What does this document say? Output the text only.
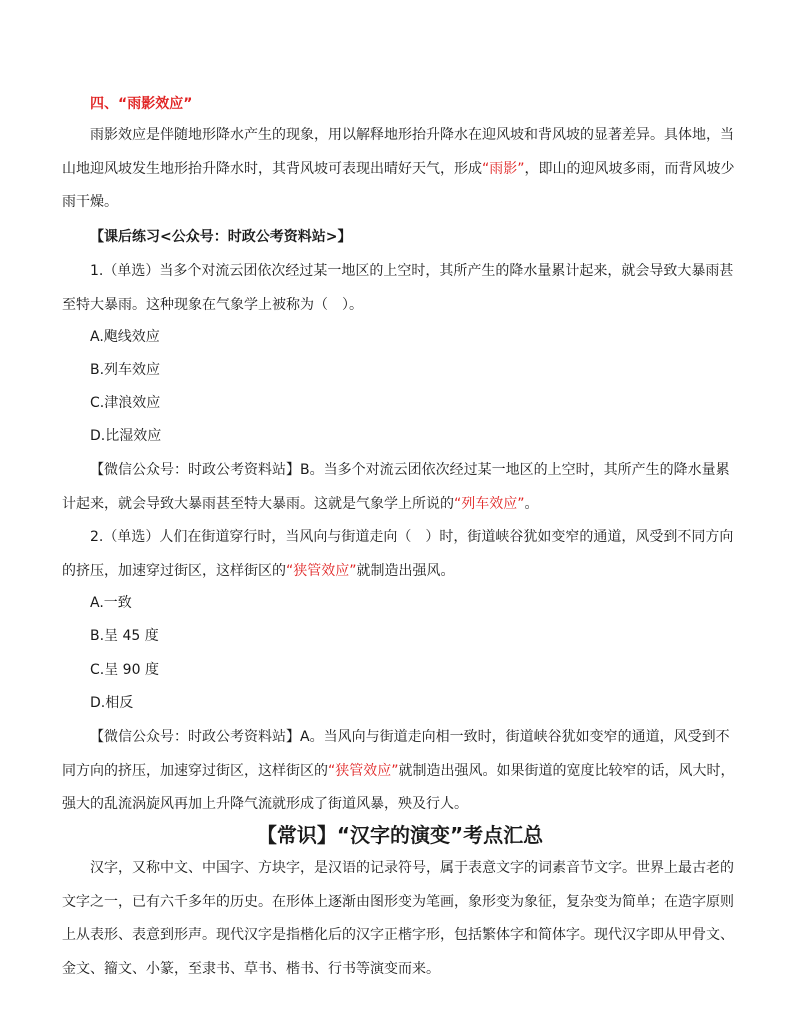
四、“雨影效应”
雨影效应是伴随地形降水产生的现象，用以解释地形抬升降水在迎风坡和背风坡的显著差异。具体地，当山地迎风坡发生地形抬升降水时，其背风坡可表现出晴好天气，形成“雨影”，即山的迎风坡多雨，而背风坡少雨干燥。
【课后练习<公众号：时政公考资料站>】
1.（单选）当多个对流云团依次经过某一地区的上空时，其所产生的降水量累计起来，就会导致大暴雨甚至特大暴雨。这种现象在气象学上被称为（　）。
A.飑线效应
B.列车效应
C.津浪效应
D.比湿效应
【微信公众号：时政公考资料站】B。当多个对流云团依次经过某一地区的上空时，其所产生的降水量累计起来，就会导致大暴雨甚至特大暴雨。这就是气象学上所说的“列车效应”。
2.（单选）人们在街道穿行时，当风向与街道走向（　）时，街道峡谷犹如变窄的通道，风受到不同方向的挤压，加速穿过街区，这样街区的“狭管效应”就制造出强风。
A.一致
B.呈 45 度
C.呈 90 度
D.相反
【微信公众号：时政公考资料站】A。当风向与街道走向相一致时，街道峡谷犹如变窄的通道，风受到不同方向的挤压，加速穿过街区，这样街区的“狭管效应”就制造出强风。如果街道的宽度比较窄的话，风大时，强大的乱流涡旋风再加上升降气流就形成了街道风暴，殃及行人。
【常识】“汉字的演变”考点汇总
汉字，又称中文、中国字、方块字，是汉语的记录符号，属于表意文字的词素音节文字。世界上最古老的文字之一，已有六千多年的历史。在形体上逐渐由图形变为笔画，象形变为象征，复杂变为简单；在造字原则上从表形、表意到形声。现代汉字是指楷化后的汉字正楷字形，包括繁体字和简体字。现代汉字即从甲骨文、金文、籀文、小篆，至隶书、草书、楷书、行书等演变而来。
